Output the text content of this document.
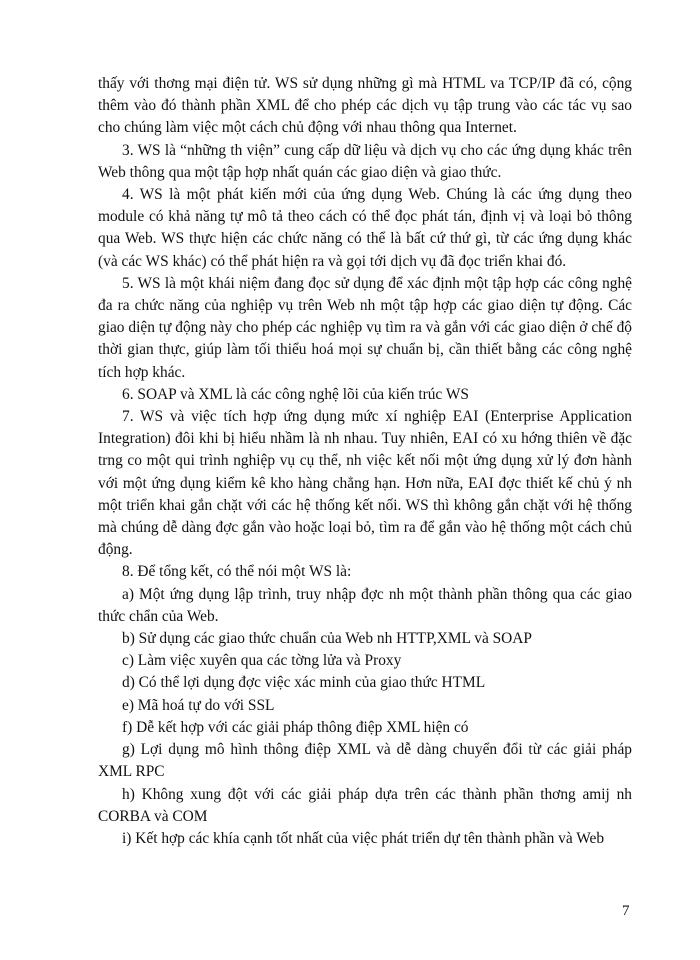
thấy với thơng mại điện tử. WS sử dụng những gì mà HTML va TCP/IP đã có, cộng thêm vào đó thành phần XML để cho phép các dịch vụ tập trung vào các tác vụ sao cho chúng làm việc một cách chủ động với nhau thông qua Internet.

3. WS là “những th viện” cung cấp dữ liệu và dịch vụ cho các ứng dụng khác trên Web thông qua một tập hợp nhất quán các giao diện và giao thức.

4. WS là một phát kiến mới của ứng dụng Web. Chúng là các ứng dụng theo module có khả năng tự mô tả theo cách có thể đọc phát tán, định vị và loại bỏ thông qua Web. WS thực hiện các chức năng có thể là bất cứ thứ gì, từ các ứng dụng khác (và các WS khác) có thể phát hiện ra và gọi tới dịch vụ đã đọc triển khai đó.

5. WS là một khái niệm đang đọc sử dụng để xác định một tập hợp các công nghệ đa ra chức năng của nghiệp vụ trên Web nh một tập hợp các giao diện tự động. Các giao diện tự động này cho phép các nghiệp vụ tìm ra và gắn với các giao diện ở chế độ thời gian thực, giúp làm tối thiểu hoá mọi sự chuẩn bị, cần thiết bằng các công nghệ tích hợp khác.

6. SOAP và XML là các công nghệ lõi của kiến trúc WS

7. WS và việc tích hợp ứng dụng mức xí nghiệp EAI (Enterprise Application Integration) đôi khi bị hiểu nhầm là nh nhau. Tuy nhiên, EAI có xu hớng thiên về đặc trng co một qui trình nghiệp vụ cụ thể, nh việc kết nối một ứng dụng xử lý đơn hành với một ứng dụng kiểm kê kho hàng chẳng hạn. Hơn nữa, EAI đợc thiết kế chủ ý nh một triển khai gắn chặt với các hệ thống kết nối. WS thì không gắn chặt với hệ thống mà chúng dễ dàng đợc gắn vào hoặc loại bỏ, tìm ra để gắn vào hệ thống một cách chủ động.

8. Để tổng kết, có thể nói một WS là:

a) Một ứng dụng lập trình, truy nhập đợc nh một thành phần thông qua các giao thức chẩn của Web.

b) Sử dụng các giao thức chuẩn của Web nh HTTP,XML và SOAP

c) Làm việc xuyên qua các tờng lửa và Proxy

d) Có thể lợi dụng đợc việc xác minh của giao thức HTML

e) Mã hoá tự do với SSL

f) Dễ kết hợp với các giải pháp thông điệp XML hiện có

g) Lợi dụng mô hình thông điệp XML và dễ dàng chuyển đổi từ các giải pháp XML RPC

h) Không xung đột với các giải pháp dựa trên các thành phần thơng amij nh CORBA và COM

i) Kết hợp các khía cạnh tốt nhất của việc phát triển dự tên thành phần và Web

7
